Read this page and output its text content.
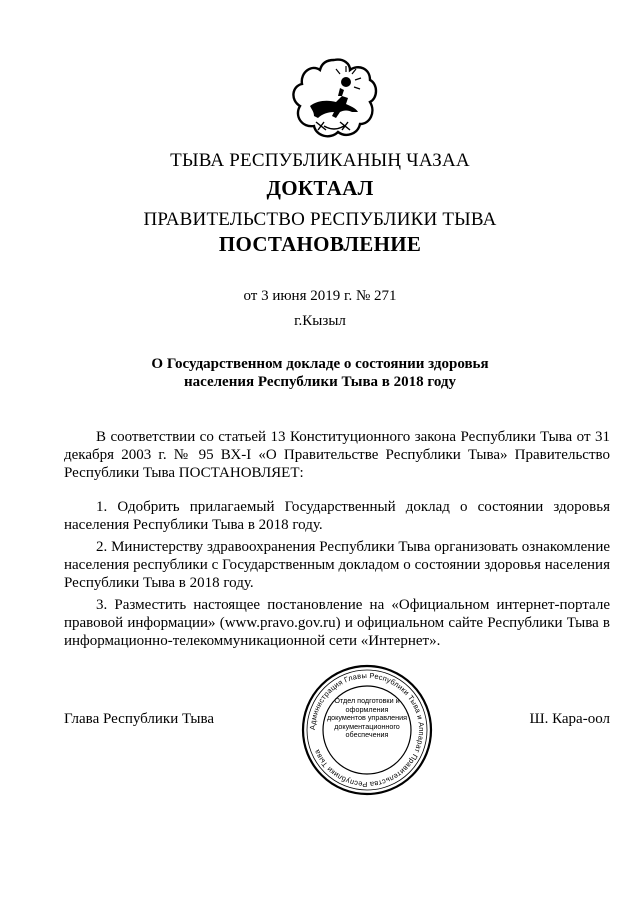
ТЫВА РЕСПУБЛИКАНЫҢ ЧАЗАА
ДОКТААЛ
ПРАВИТЕЛЬСТВО РЕСПУБЛИКИ ТЫВА
ПОСТАНОВЛЕНИЕ
от 3 июня 2019 г. № 271
г.Кызыл
О Государственном докладе о состоянии здоровья
населения Республики Тыва в 2018 году

В соответствии со статьей 13 Конституционного закона Республики Тыва от 31 декабря 2003 г. № 95 ВХ-I «О Правительстве Республики Тыва» Правительство Республики Тыва ПОСТАНОВЛЯЕТ:

1. Одобрить прилагаемый Государственный доклад о состоянии здоровья населения Республики Тыва в 2018 году.

2. Министерству здравоохранения Республики Тыва организовать ознакомление населения республики с Государственным докладом о состоянии здоровья населения Республики Тыва в 2018 году.

3. Разместить настоящее постановление на «Официальном интернет-портале правовой информации» (www.pravo.gov.ru) и официальном сайте Республики Тыва в информационно-телекоммуникационной сети «Интернет».

Глава Республики Тыва
Администрация Главы Республики Тыва и Аппарат Правительства Республики Тыва
Отдел подготовки и оформления документов управления документационного обеспечения
Ш. Кара-оол
